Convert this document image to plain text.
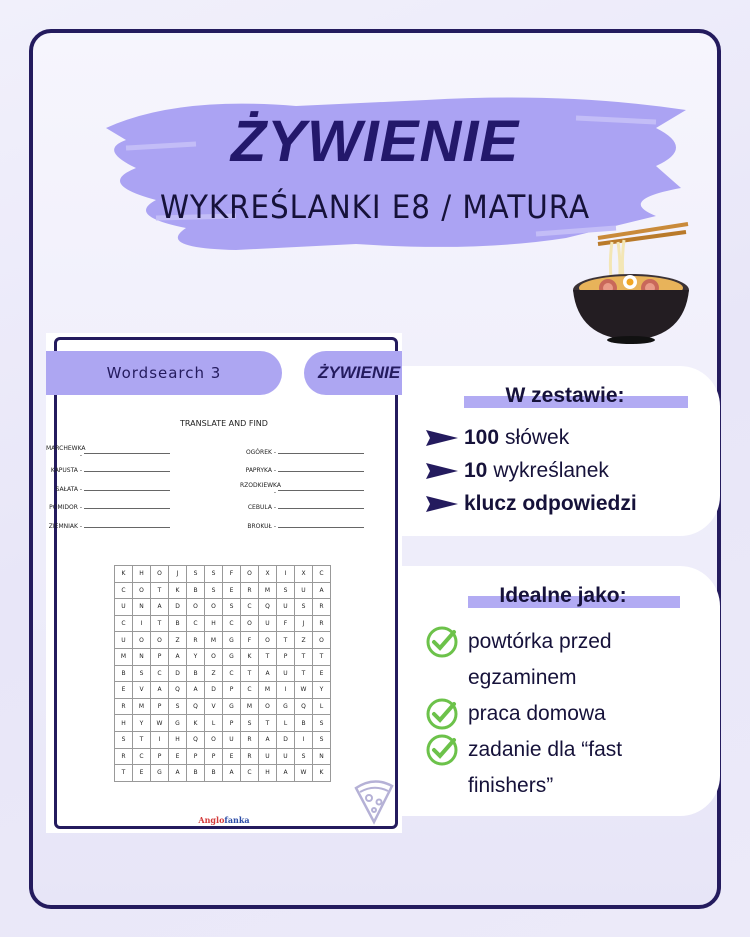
ŻYWIENIE
WYKREŚLANKI E8 / MATURA
Wordsearch 3	ŻYWIENIE
TRANSLATE AND FIND
MARCHEWKA -
KAPUSTA -
SAŁATA -
POMIDOR -
ZIEMNIAK -
OGÓREK -
PAPRYKA -
RZODKIEWKA -
CEBULA -
BROKUŁ -
K	H	O	J	S	S	F	O	X	I	X	C
C	O	T	K	B	S	E	R	M	S	U	A
U	N	A	D	O	O	S	C	Q	U	S	R
C	I	T	B	C	H	C	O	U	F	J	R
U	O	O	Z	R	M	G	F	O	T	Z	O
M	N	P	A	Y	O	G	K	T	P	T	T
B	S	C	D	B	Z	C	T	A	U	T	E
E	V	A	Q	A	D	P	C	M	I	W	Y
R	M	P	S	Q	V	G	M	O	G	Q	L
H	Y	W	G	K	L	P	S	T	L	B	S
S	T	I	H	Q	O	U	R	A	D	I	S
R	C	P	E	P	P	E	R	U	U	S	N
T	E	G	A	B	B	A	C	H	A	W	K
Anglofanka
W zestawie:
100 słówek
10 wykreślanek
klucz odpowiedzi
Idealne jako:
powtórka przed egzaminem
praca domowa
zadanie dla “fast finishers”
